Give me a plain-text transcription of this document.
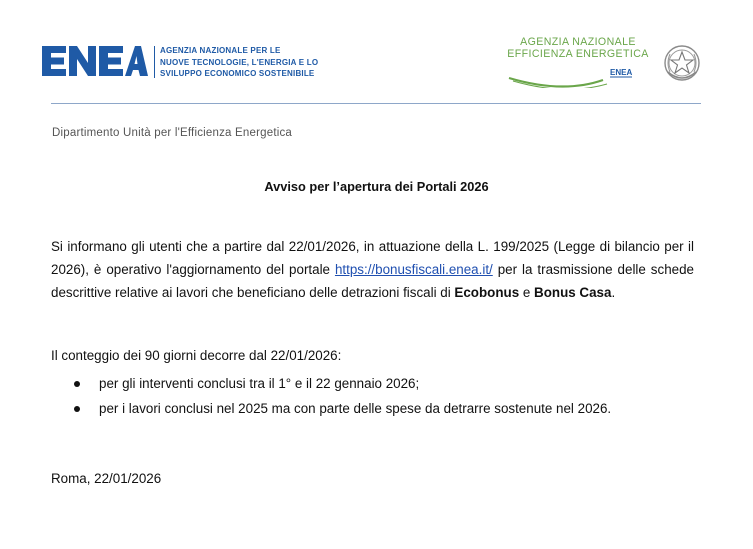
AGENZIA NAZIONALE PER LE
NUOVE TECNOLOGIE, L'ENERGIA E LO
SVILUPPO ECONOMICO SOSTENIBILE
AGENZIA NAZIONALE
EFFICIENZA ENERGETICA
ENEA
Dipartimento Unità per l'Efficienza Energetica
Avviso per l’apertura dei Portali 2026
Si informano gli utenti che a partire dal 22/01/2026, in attuazione della L. 199/2025 (Legge di bilancio per il 2026), è operativo l'aggiornamento del portale https://bonusfiscali.enea.it/ per la trasmissione delle schede descrittive relative ai lavori che beneficiano delle detrazioni fiscali di Ecobonus e Bonus Casa.
Il conteggio dei 90 giorni decorre dal 22/01/2026:
per gli interventi conclusi tra il 1° e il 22 gennaio 2026;
per i lavori conclusi nel 2025 ma con parte delle spese da detrarre sostenute nel 2026.
Roma, 22/01/2026
